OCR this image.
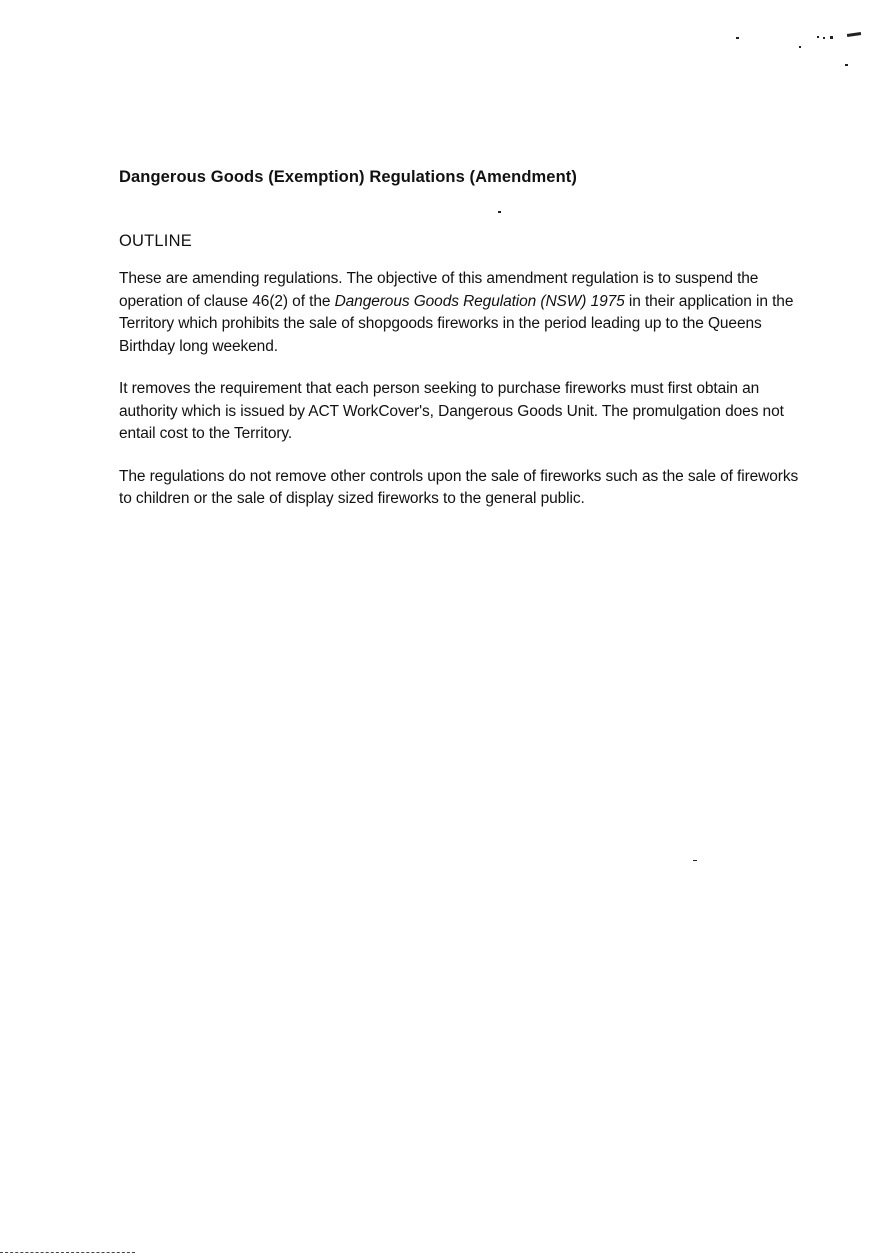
Dangerous Goods (Exemption) Regulations (Amendment)
OUTLINE

These are amending regulations. The objective of this amendment regulation is to suspend the operation of clause 46(2) of the Dangerous Goods Regulation (NSW) 1975 in their application in the Territory which prohibits the sale of shopgoods fireworks in the period leading up to the Queens Birthday long weekend.

It removes the requirement that each person seeking to purchase fireworks must first obtain an authority which is issued by ACT WorkCover's, Dangerous Goods Unit. The promulgation does not entail cost to the Territory.

The regulations do not remove other controls upon the sale of fireworks such as the sale of fireworks to children or the sale of display sized fireworks to the general public.
